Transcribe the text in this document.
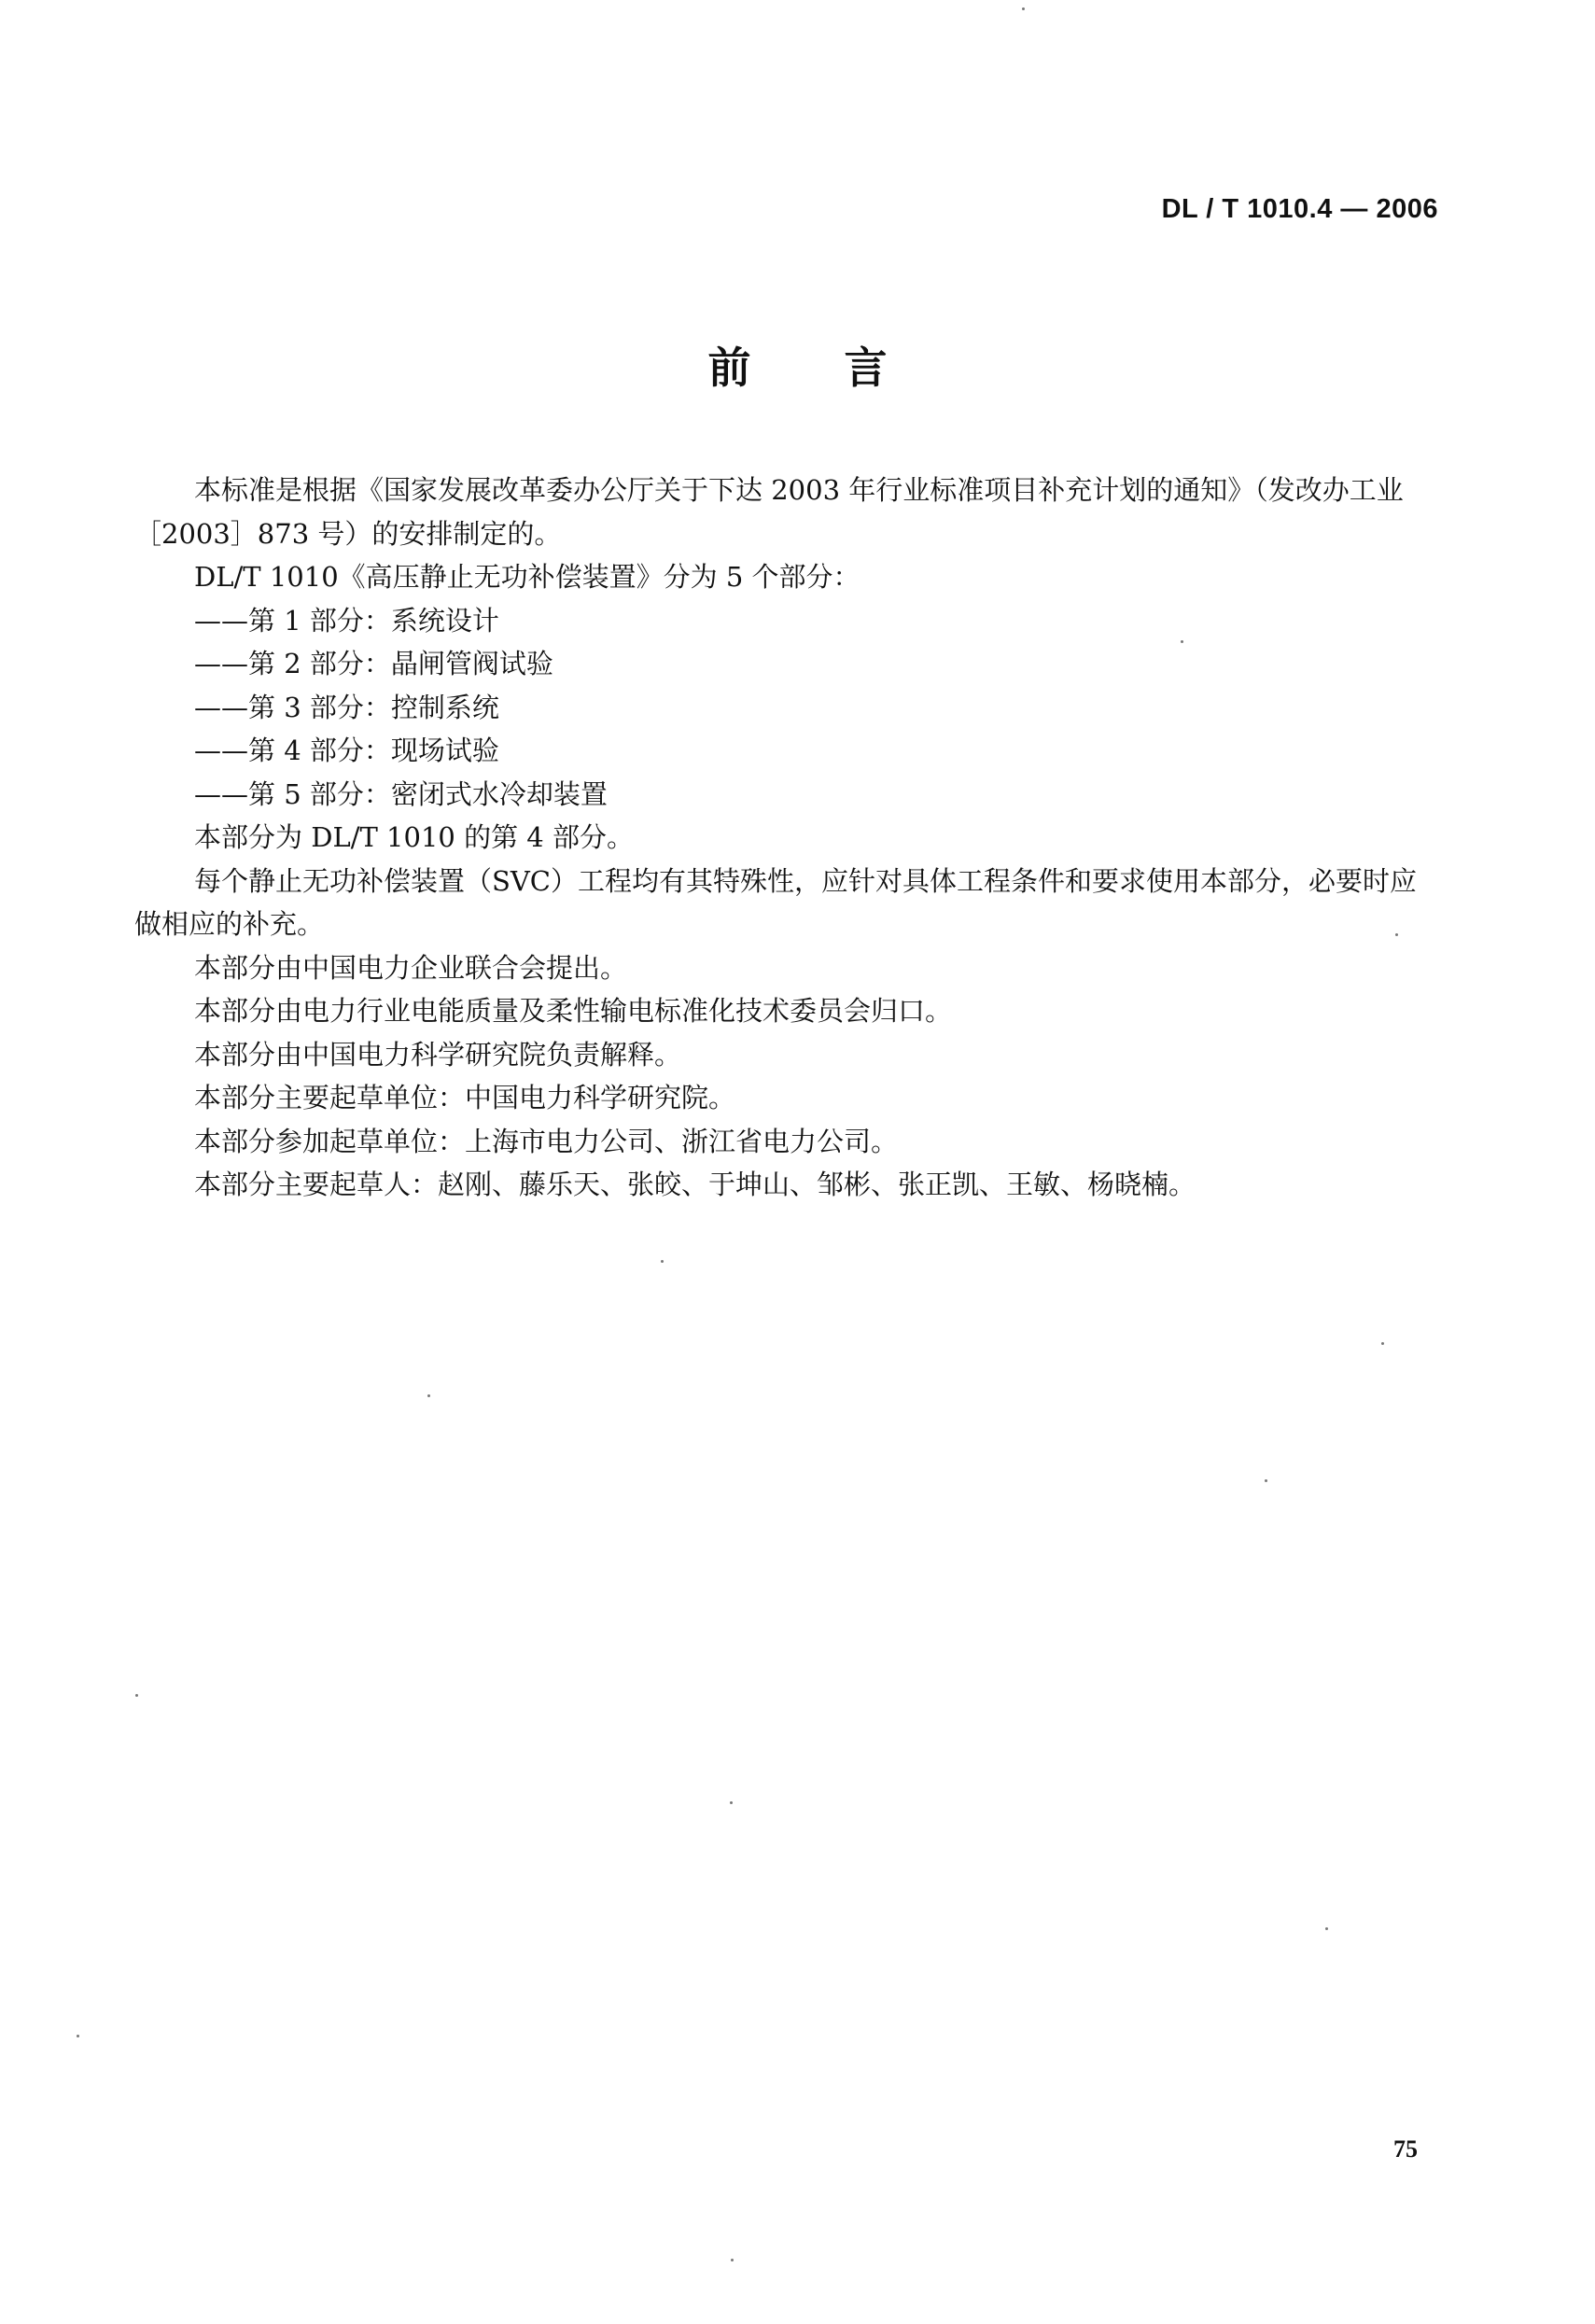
DL / T 1010.4 — 2006
前 言

本标准是根据《国家发展改革委办公厅关于下达 2003 年行业标准项目补充计划的通知》（发改办工业［2003］873 号）的安排制定的。

DL/T 1010《高压静止无功补偿装置》分为 5 个部分：

——第 1 部分：系统设计

——第 2 部分：晶闸管阀试验

——第 3 部分：控制系统

——第 4 部分：现场试验

——第 5 部分：密闭式水冷却装置

本部分为 DL/T 1010 的第 4 部分。

每个静止无功补偿装置（SVC）工程均有其特殊性，应针对具体工程条件和要求使用本部分，必要时应做相应的补充。

本部分由中国电力企业联合会提出。

本部分由电力行业电能质量及柔性输电标准化技术委员会归口。

本部分由中国电力科学研究院负责解释。

本部分主要起草单位：中国电力科学研究院。

本部分参加起草单位：上海市电力公司、浙江省电力公司。

本部分主要起草人：赵刚、藤乐天、张皎、于坤山、邹彬、张正凯、王敏、杨晓楠。

75
